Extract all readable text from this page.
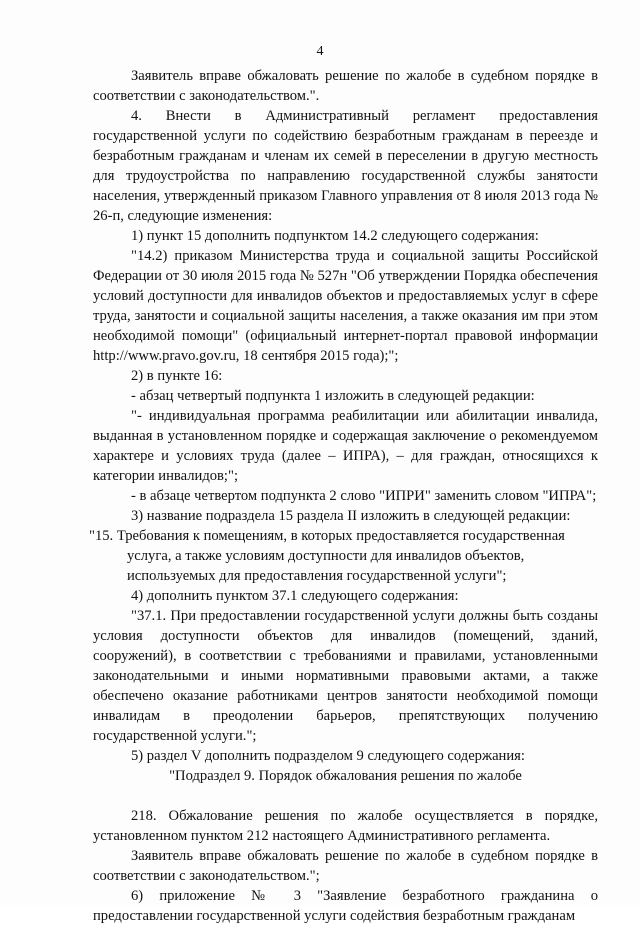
4

Заявитель вправе обжаловать решение по жалобе в судебном порядке в соответствии с законодательством.".

4. Внести в Административный регламент предоставления государственной услуги по содействию безработным гражданам в переезде и безработным гражданам и членам их семей в переселении в другую местность для трудоустройства по направлению государственной службы занятости населения, утвержденный приказом Главного управления от 8 июля 2013 года № 26-п, следующие изменения:

1) пункт 15 дополнить подпунктом 14.2 следующего содержания:

"14.2) приказом Министерства труда и социальной защиты Российской Федерации от 30 июля 2015 года № 527н "Об утверждении Порядка обеспечения условий доступности для инвалидов объектов и предоставляемых услуг в сфере труда, занятости и социальной защиты населения, а также оказания им при этом необходимой помощи" (официальный интернет-портал правовой информации http://www.pravo.gov.ru, 18 сентября 2015 года);";

2) в пункте 16:

- абзац четвертый подпункта 1 изложить в следующей редакции:

"- индивидуальная программа реабилитации или абилитации инвалида, выданная в установленном порядке и содержащая заключение о рекомендуемом характере и условиях труда (далее – ИПРА), – для граждан, относящихся к категории инвалидов;";

- в абзаце четвертом подпункта 2 слово "ИПРИ" заменить словом "ИПРА";

3) название подраздела 15 раздела II изложить в следующей редакции:

"15. Требования к помещениям, в которых предоставляется государственная
услуга, а также условиям доступности для инвалидов объектов,
используемых для предоставления государственной услуги";

4) дополнить пунктом 37.1 следующего содержания:

"37.1. При предоставлении государственной услуги должны быть созданы условия доступности объектов для инвалидов (помещений, зданий, сооружений), в соответствии с требованиями и правилами, установленными законодательными и иными нормативными правовыми актами, а также обеспечено оказание работниками центров занятости необходимой помощи инвалидам в преодолении барьеров, препятствующих получению государственной услуги.";

5) раздел V дополнить подразделом 9 следующего содержания:

"Подраздел 9. Порядок обжалования решения по жалобе

218. Обжалование решения по жалобе осуществляется в порядке, установленном пунктом 212 настоящего Административного регламента.

Заявитель вправе обжаловать решение по жалобе в судебном порядке в соответствии с законодательством.";

6) приложение № 3 "Заявление безработного гражданина о предоставлении государственной услуги содействия безработным гражданам
